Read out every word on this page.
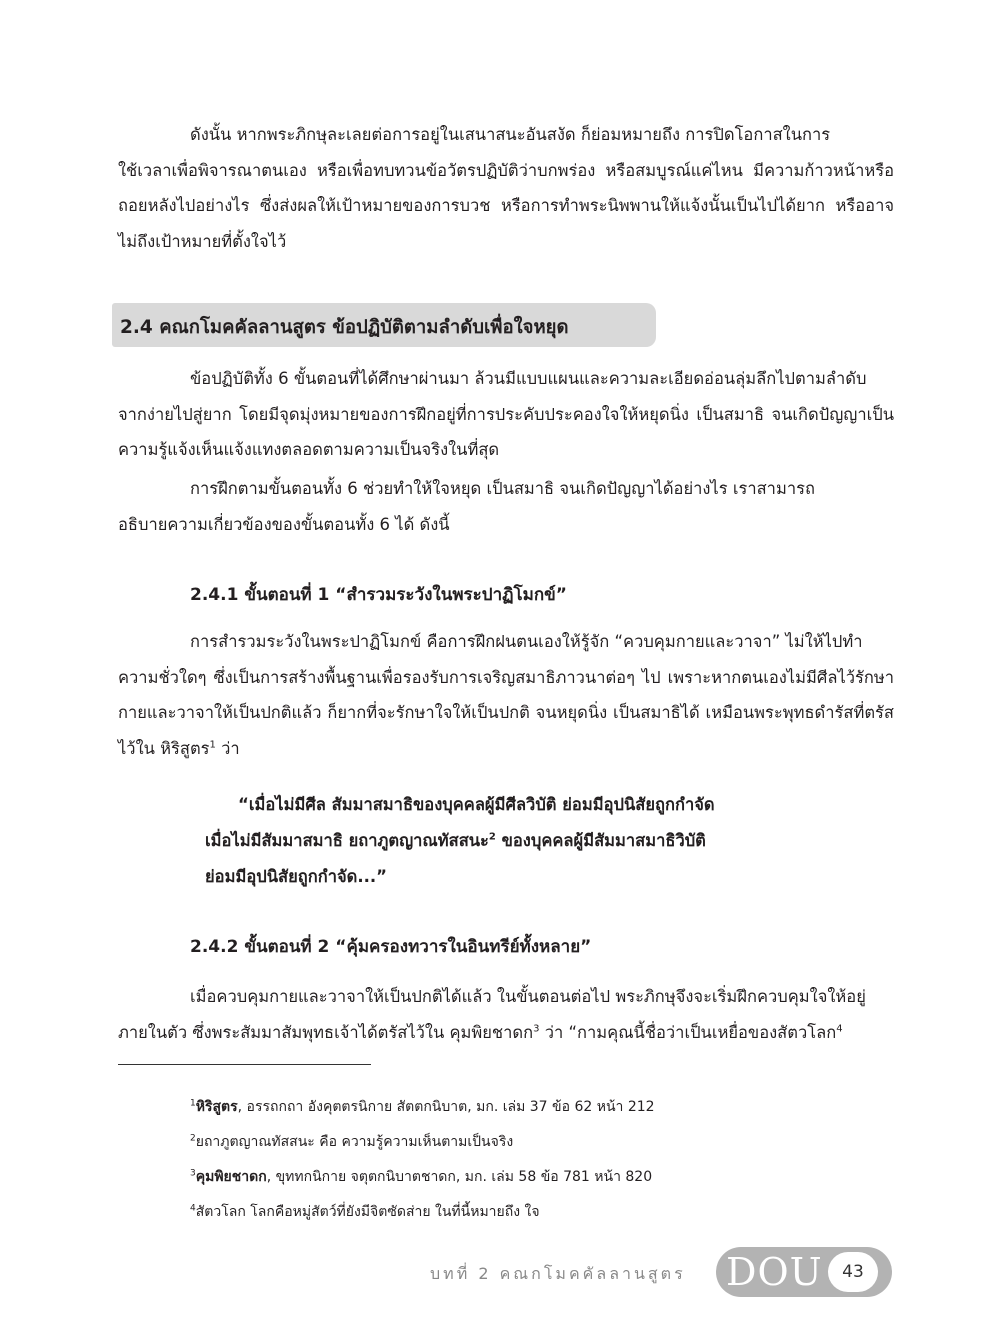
ดังนั้น หากพระภิกษุละเลยต่อการอยู่ในเสนาสนะอันสงัด ก็ย่อมหมายถึง การปิดโอกาสในการ
ใช้เวลาเพื่อพิจารณาตนเอง หรือเพื่อทบทวนข้อวัตรปฏิบัติว่าบกพร่อง หรือสมบูรณ์แค่ไหน มีความก้าวหน้าหรือถอยหลังไปอย่างไร ซึ่งส่งผลให้เป้าหมายของการบวช หรือการทำพระนิพพานให้แจ้งนั้นเป็นไปได้ยาก หรืออาจไม่ถึงเป้าหมายที่ตั้งใจไว้
2.4 คณกโมคคัลลานสูตร ข้อปฏิบัติตามลำดับเพื่อใจหยุด
ข้อปฏิบัติทั้ง 6 ขั้นตอนที่ได้ศึกษาผ่านมา ล้วนมีแบบแผนและความละเอียดอ่อนลุ่มลึกไปตามลำดับ
จากง่ายไปสู่ยาก โดยมีจุดมุ่งหมายของการฝึกอยู่ที่การประคับประคองใจให้หยุดนิ่ง เป็นสมาธิ จนเกิดปัญญาเป็นความรู้แจ้งเห็นแจ้งแทงตลอดตามความเป็นจริงในที่สุด
การฝึกตามขั้นตอนทั้ง 6 ช่วยทำให้ใจหยุด เป็นสมาธิ จนเกิดปัญญาได้อย่างไร เราสามารถ
อธิบายความเกี่ยวข้องของขั้นตอนทั้ง 6 ได้ ดังนี้
2.4.1 ขั้นตอนที่ 1 “สำรวมระวังในพระปาฏิโมกข์”
การสำรวมระวังในพระปาฏิโมกข์ คือการฝึกฝนตนเองให้รู้จัก “ควบคุมกายและวาจา” ไม่ให้ไปทำ
ความชั่วใดๆ ซึ่งเป็นการสร้างพื้นฐานเพื่อรองรับการเจริญสมาธิภาวนาต่อๆ ไป เพราะหากตนเองไม่มีศีลไว้รักษากายและวาจาให้เป็นปกติแล้ว ก็ยากที่จะรักษาใจให้เป็นปกติ จนหยุดนิ่ง เป็นสมาธิได้ เหมือนพระพุทธดำรัสที่ตรัสไว้ใน หิริสูตร$^1$ ว่า
“เมื่อไม่มีศีล สัมมาสมาธิของบุคคลผู้มีศีลวิบัติ ย่อมมีอุปนิสัยถูกกำจัด
เมื่อไม่มีสัมมาสมาธิ ยถาภูตญาณทัสสนะ$^2$ ของบุคคลผู้มีสัมมาสมาธิวิบัติ
ย่อมมีอุปนิสัยถูกกำจัด...”
2.4.2 ขั้นตอนที่ 2 “คุ้มครองทวารในอินทรีย์ทั้งหลาย”
เมื่อควบคุมกายและวาจาให้เป็นปกติได้แล้ว ในขั้นตอนต่อไป พระภิกษุจึงจะเริ่มฝึกควบคุมใจให้อยู่
ภายในตัว ซึ่งพระสัมมาสัมพุทธเจ้าได้ตรัสไว้ใน คุมพิยชาดก$^3$ ว่า “กามคุณนี้ชื่อว่าเป็นเหยื่อของสัตวโลก$^4$
$^1$หิริสูตร, อรรถกถา อังคุตตรนิกาย สัตตกนิบาต, มก. เล่ม 37 ข้อ 62 หน้า 212
$^2$ยถาภูตญาณทัสสนะ คือ ความรู้ความเห็นตามเป็นจริง
$^3$คุมพิยชาดก, ขุททกนิกาย จตุตกนิบาตชาดก, มก. เล่ม 58 ข้อ 781 หน้า 820
$^4$สัตวโลก โลกคือหมู่สัตว์ที่ยังมีจิตซัดส่าย ในที่นี้หมายถึง ใจ
บทที่ 2 คณกโมคคัลลานสูตร DOU	43
